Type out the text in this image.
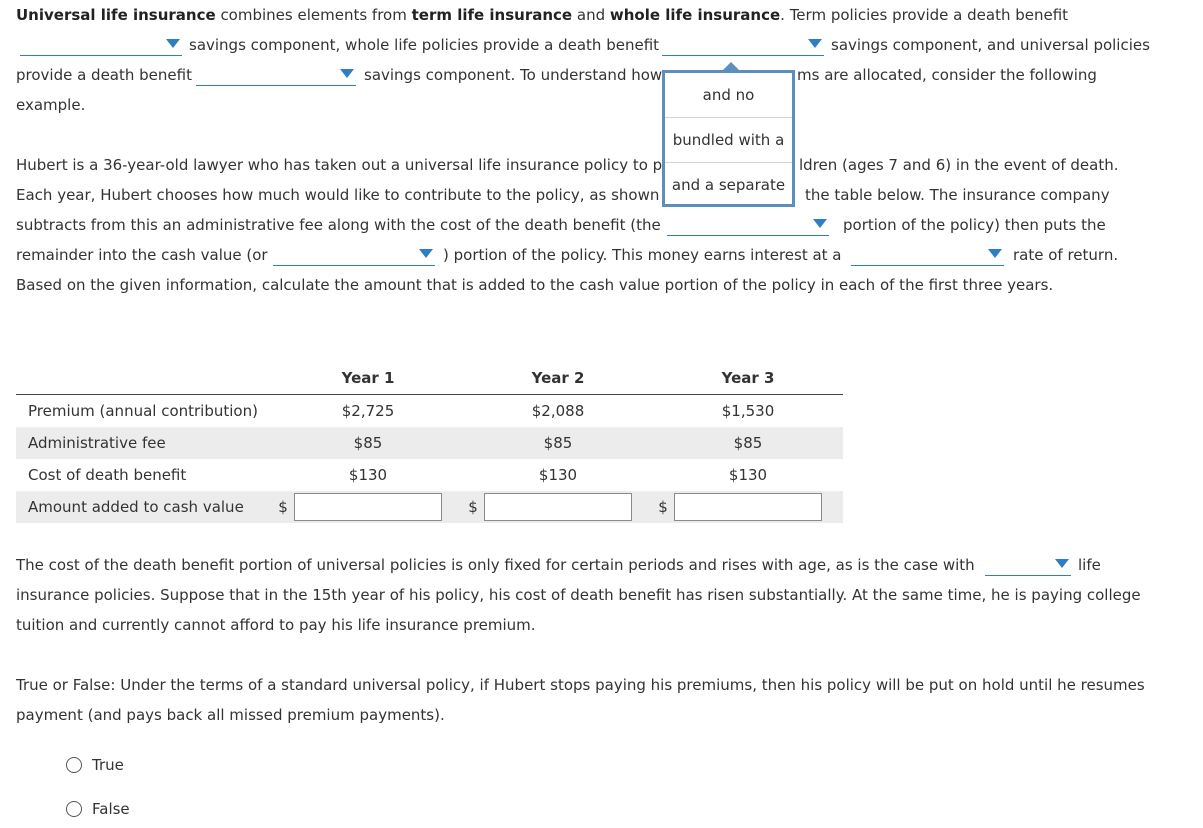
Universal life insurance combines elements from term life insurance and whole life insurance. Term policies provide a death benefit
savings component, whole life policies provide a death benefit	savings component, and universal policies
provide a death benefit	savings component. To understand how	ms are allocated, consider the following
example.
Hubert is a 36-year-old lawyer who has taken out a universal life insurance policy to p	ldren (ages 7 and 6) in the event of death.
Each year, Hubert chooses how much would like to contribute to the policy, as shown	the table below. The insurance company
subtracts from this an administrative fee along with the cost of the death benefit (the	portion of the policy) then puts the
remainder into the cash value (or	) portion of the policy. This money earns interest at a	rate of return.
Based on the given information, calculate the amount that is added to the cash value portion of the policy in each of the first three years.
and no
bundled with a
and a separate
	Year 1	Year 2	Year 3
Premium (annual contribution)	$2,725	$2,088	$1,530
Administrative fee	$85	$85	$85
Cost of death benefit	$130	$130	$130
Amount added to cash value	$	$	$
The cost of the death benefit portion of universal policies is only fixed for certain periods and rises with age, as is the case with	life
insurance policies. Suppose that in the 15th year of his policy, his cost of death benefit has risen substantially. At the same time, he is paying college
tuition and currently cannot afford to pay his life insurance premium.
True or False: Under the terms of a standard universal policy, if Hubert stops paying his premiums, then his policy will be put on hold until he resumes
payment (and pays back all missed premium payments).
True
False
